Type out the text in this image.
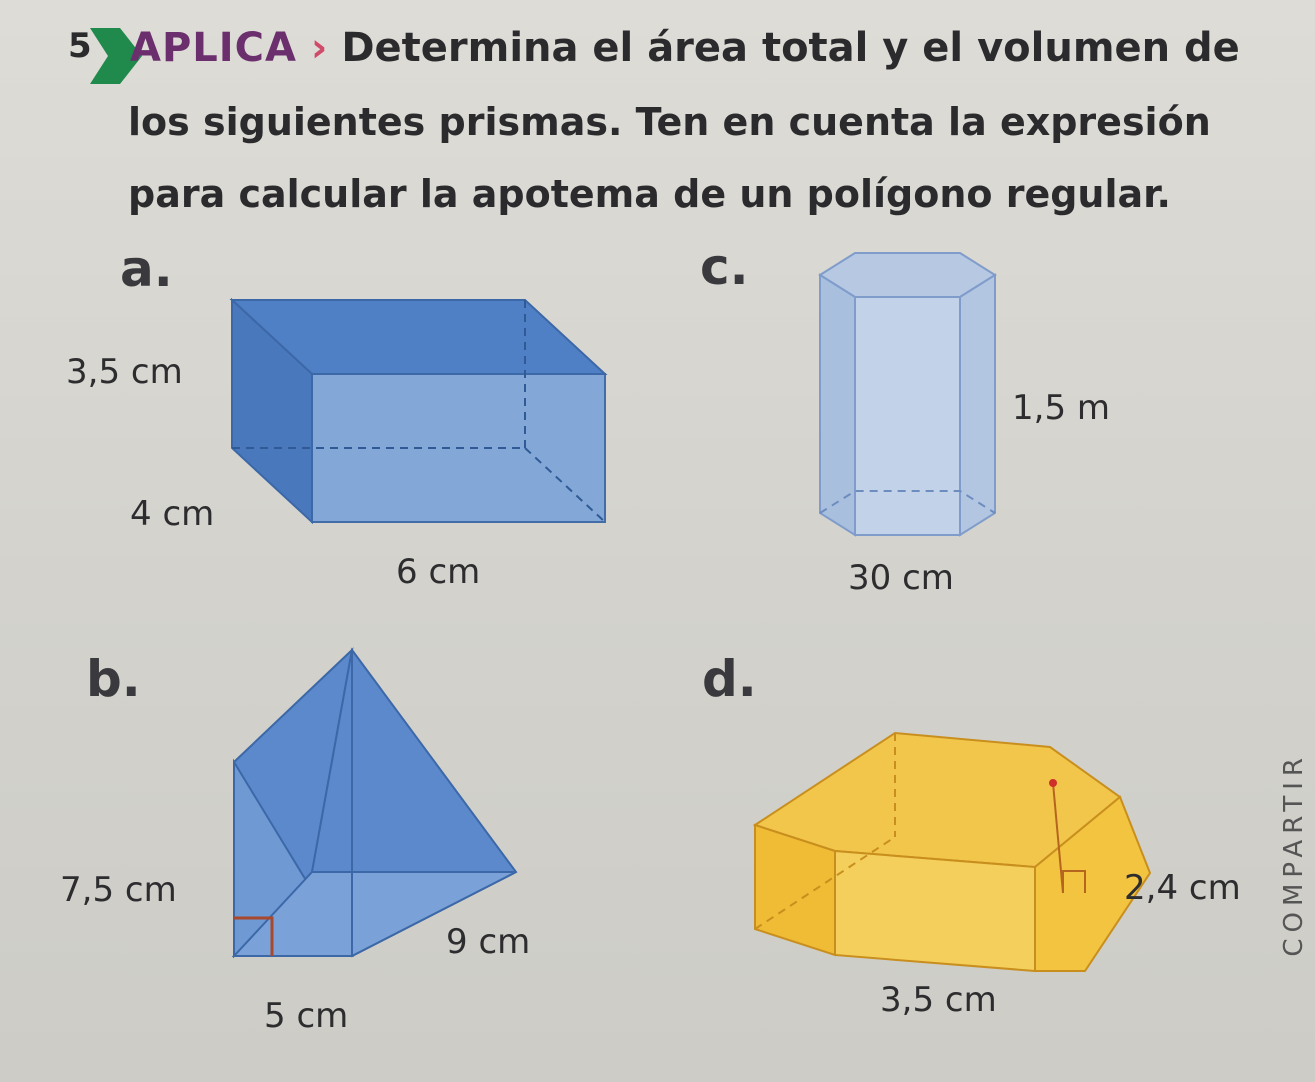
5 APLICA › Determina el área total y el volumen de
los siguientes prismas. Ten en cuenta la expresión
para calcular la apotema de un polígono regular.
a.
3,5 cm
4 cm
6 cm
c.
1,5 m
30 cm
b.
7,5 cm
9 cm
5 cm
d.
2,4 cm
3,5 cm
COMPARTIR
